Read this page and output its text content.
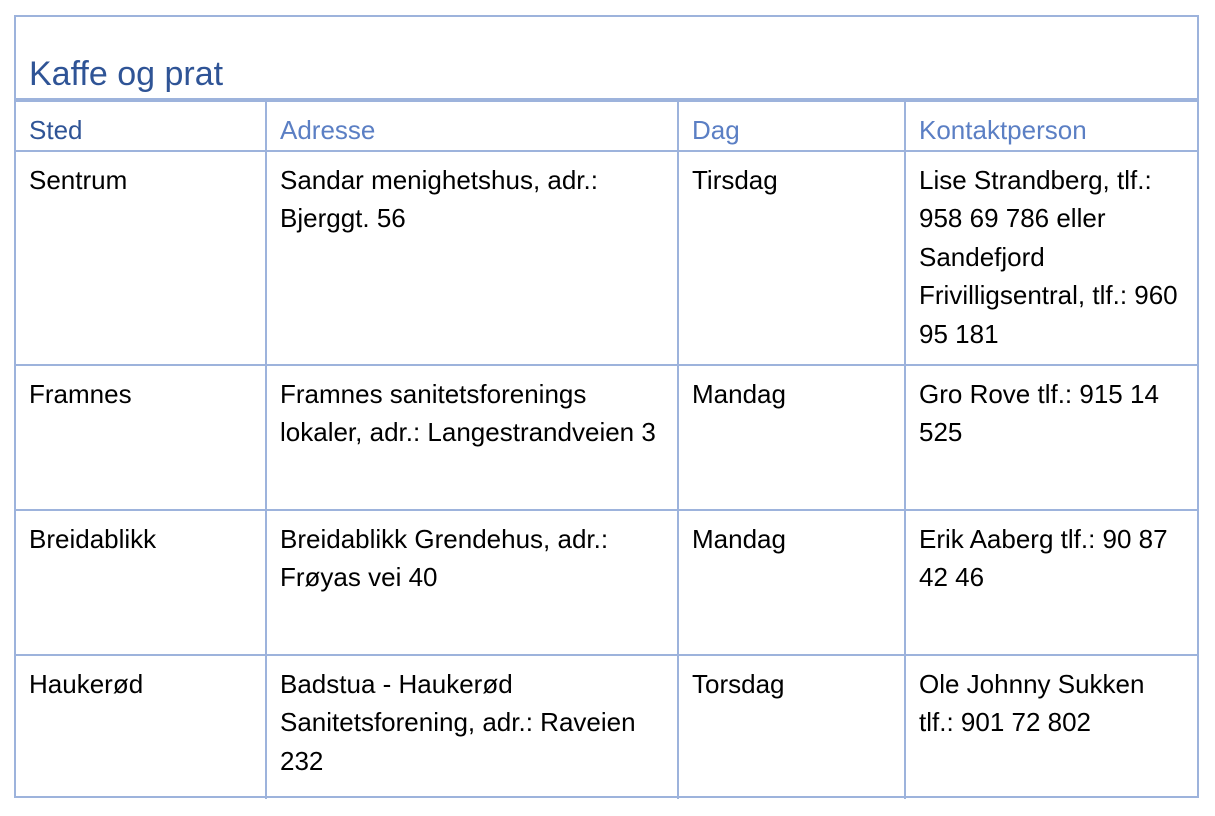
Kaffe og prat
Sted	Adresse	Dag	Kontaktperson
Sentrum	Sandar menighetshus, adr.: Bjerggt. 56	Tirsdag	Lise Strandberg, tlf.: 958 69 786 eller Sandefjord Frivilligsentral, tlf.: 960 95 181
Framnes	Framnes sanitetsforenings lokaler, adr.: Langestrandveien 3	Mandag	Gro Rove tlf.: 915 14 525
Breidablikk	Breidablikk Grendehus, adr.: Frøyas vei 40	Mandag	Erik Aaberg tlf.: 90 87 42 46
Haukerød	Badstua - Haukerød Sanitetsforening, adr.: Raveien 232	Torsdag	Ole Johnny Sukken tlf.: 901 72 802
